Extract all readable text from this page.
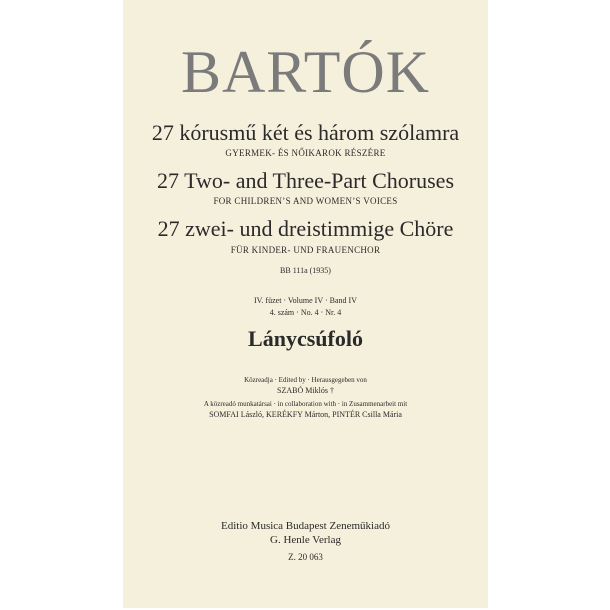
BARTÓK
27 kórusmű két és három szólamra
GYERMEK- ÉS NŐIKAROK RÉSZÉRE
27 Two- and Three-Part Choruses
FOR CHILDREN’S AND WOMEN’S VOICES
27 zwei- und dreistimmige Chöre
FÜR KINDER- UND FRAUENCHOR
BB 111a (1935)
IV. füzet · Volume IV · Band IV
4. szám · No. 4 · Nr. 4
Lánycsúfoló
Közreadja · Edited by · Herausgegeben von
SZABÓ Miklós †
A közreadó munkatársai · in collaboration with · in Zusammenarbeit mit
SOMFAI László, KERÉKFY Márton, PINTÉR Csilla Mária
Editio Musica Budapest Zeneműkiadó
G. Henle Verlag
Z. 20 063
